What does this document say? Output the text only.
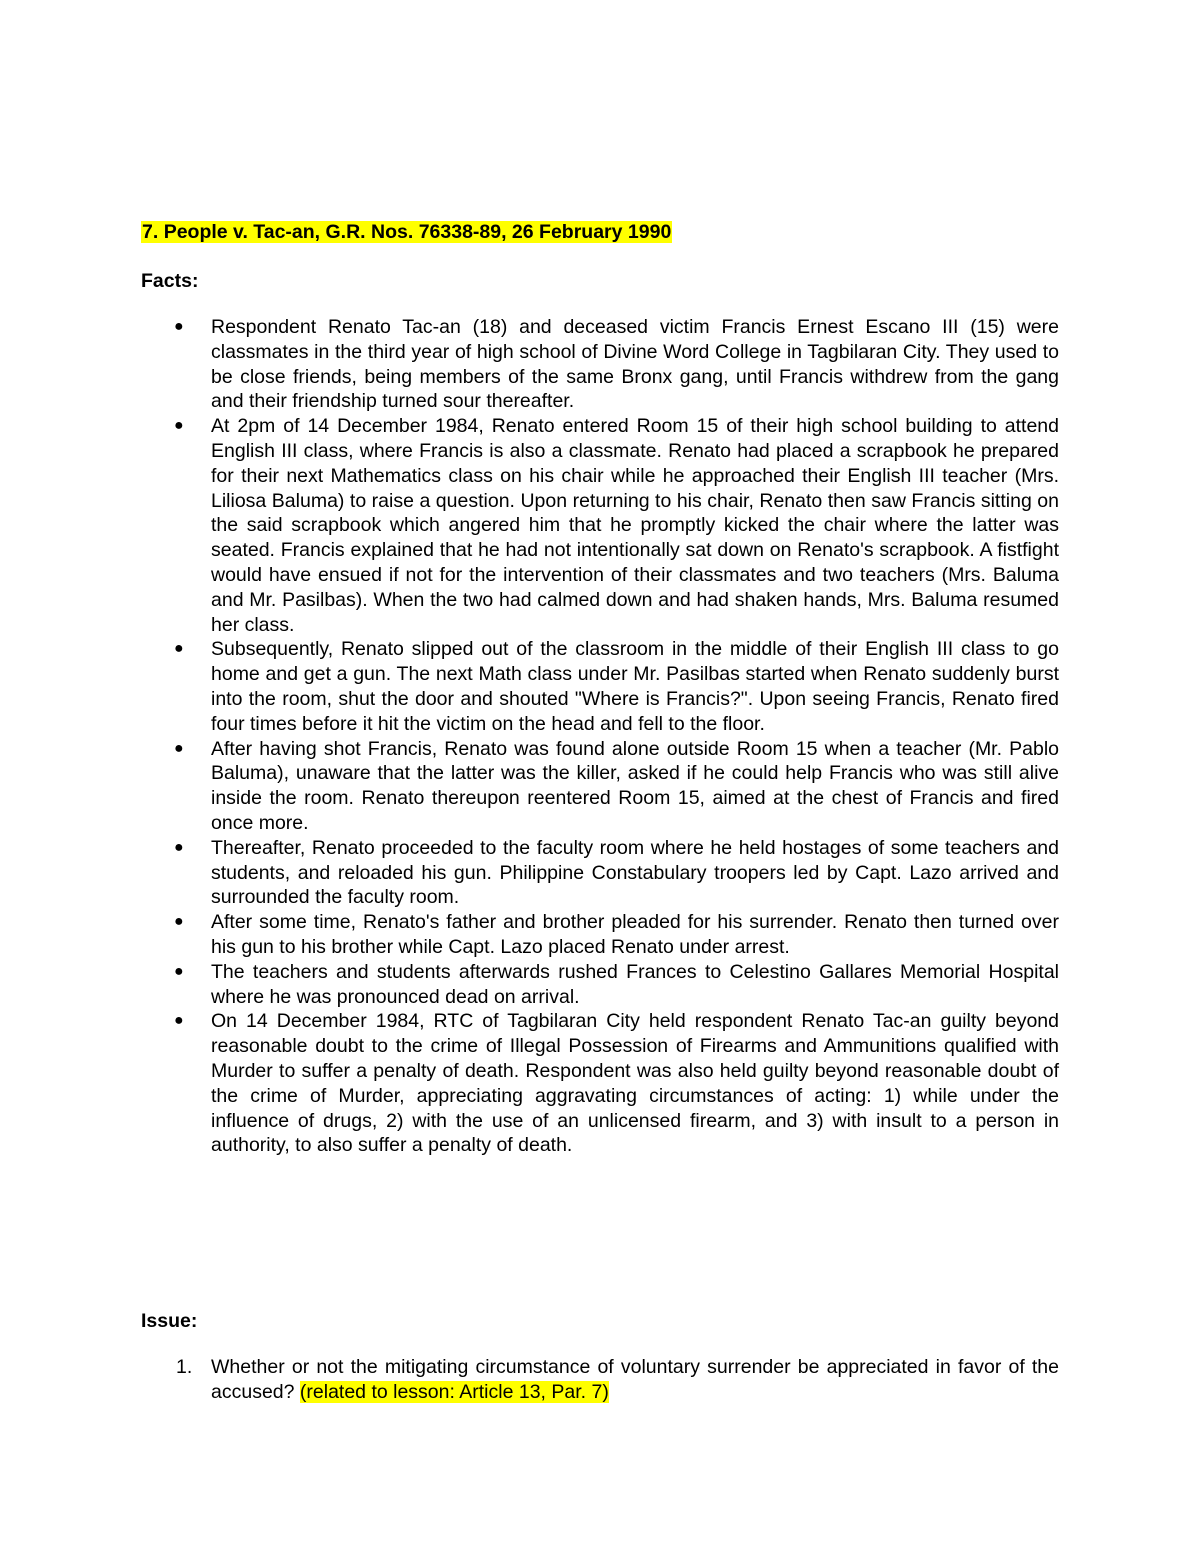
7. People v. Tac-an, G.R. Nos. 76338-89, 26 February 1990
Facts:
● Respondent Renato Tac-an (18) and deceased victim Francis Ernest Escano III (15) were classmates in the third year of high school of Divine Word College in Tagbilaran City. They used to be close friends, being members of the same Bronx gang, until Francis withdrew from the gang and their friendship turned sour thereafter.
● At 2pm of 14 December 1984, Renato entered Room 15 of their high school building to attend English III class, where Francis is also a classmate. Renato had placed a scrapbook he prepared for their next Mathematics class on his chair while he approached their English III teacher (Mrs. Liliosa Baluma) to raise a question. Upon returning to his chair, Renato then saw Francis sitting on the said scrapbook which angered him that he promptly kicked the chair where the latter was seated. Francis explained that he had not intentionally sat down on Renato's scrapbook. A fistfight would have ensued if not for the intervention of their classmates and two teachers (Mrs. Baluma and Mr. Pasilbas). When the two had calmed down and had shaken hands, Mrs. Baluma resumed her class.
● Subsequently, Renato slipped out of the classroom in the middle of their English III class to go home and get a gun. The next Math class under Mr. Pasilbas started when Renato suddenly burst into the room, shut the door and shouted "Where is Francis?". Upon seeing Francis, Renato fired four times before it hit the victim on the head and fell to the floor.
● After having shot Francis, Renato was found alone outside Room 15 when a teacher (Mr. Pablo Baluma), unaware that the latter was the killer, asked if he could help Francis who was still alive inside the room. Renato thereupon reentered Room 15, aimed at the chest of Francis and fired once more.
● Thereafter, Renato proceeded to the faculty room where he held hostages of some teachers and students, and reloaded his gun. Philippine Constabulary troopers led by Capt. Lazo arrived and surrounded the faculty room.
● After some time, Renato's father and brother pleaded for his surrender. Renato then turned over his gun to his brother while Capt. Lazo placed Renato under arrest.
● The teachers and students afterwards rushed Frances to Celestino Gallares Memorial Hospital where he was pronounced dead on arrival.
● On 14 December 1984, RTC of Tagbilaran City held respondent Renato Tac-an guilty beyond reasonable doubt to the crime of Illegal Possession of Firearms and Ammunitions qualified with Murder to suffer a penalty of death. Respondent was also held guilty beyond reasonable doubt of the crime of Murder, appreciating aggravating circumstances of acting: 1) while under the influence of drugs, 2) with the use of an unlicensed firearm, and 3) with insult to a person in authority, to also suffer a penalty of death.
Issue:
1. Whether or not the mitigating circumstance of voluntary surrender be appreciated in favor of the accused? (related to lesson: Article 13, Par. 7)
